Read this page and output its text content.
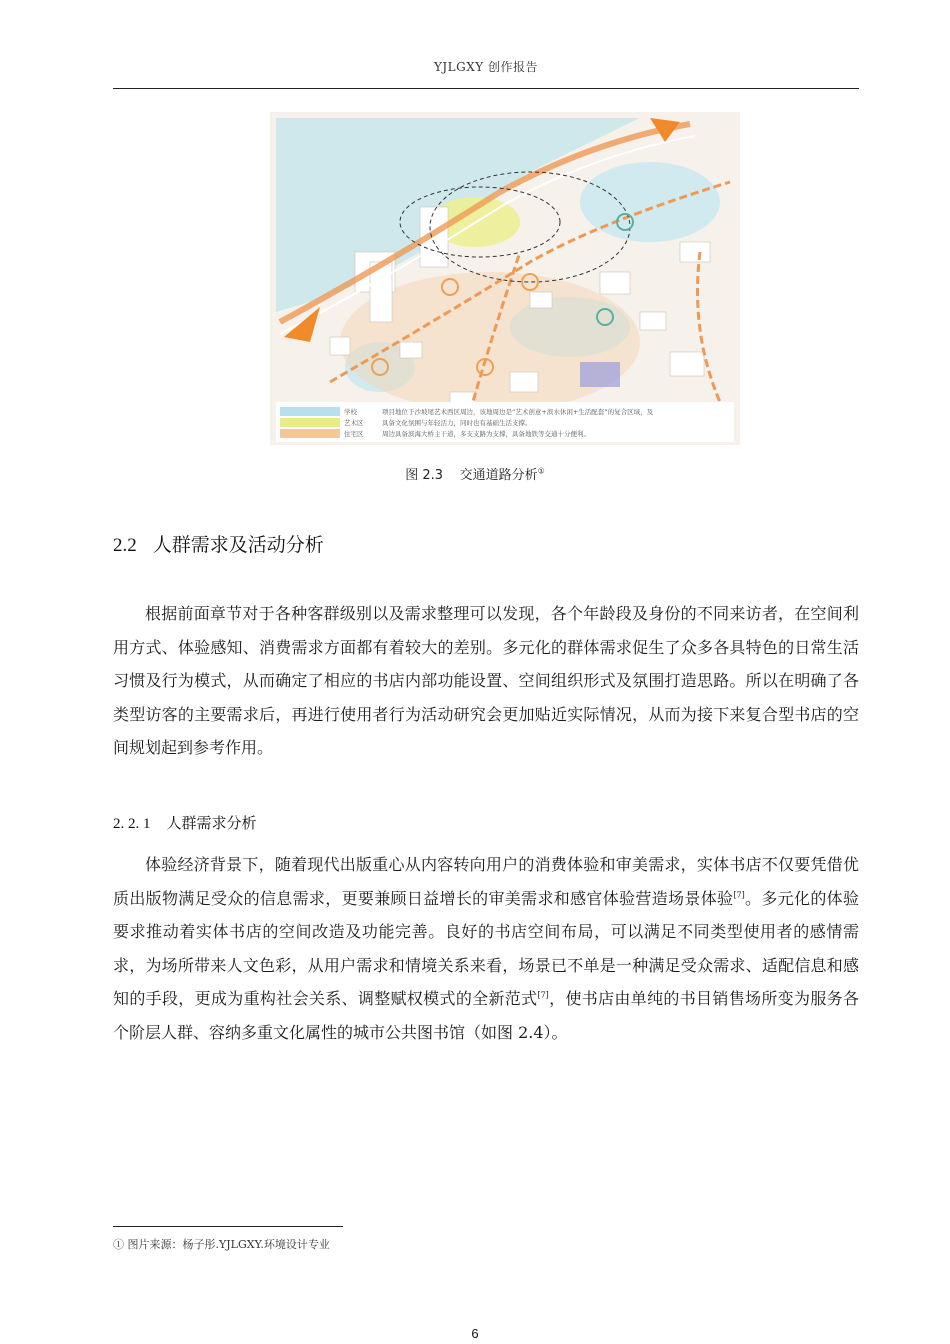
YJLGXY 创作报告
学校
艺术区
住宅区
项目地位于沙坡尾艺术西区周边，该地周边是“艺术创意+滨水休闲+生活配套”的复合区域，及
具备文化氛围与年轻活力，同时也有基础生活支撑。
周边具备滨海大桥主干道，多支支路为支撑，具备地铁等交通十分便利。
图 2.3 交通道路分析①
2.2 人群需求及活动分析
根据前面章节对于各种客群级别以及需求整理可以发现，各个年龄段及身份的不同来访者，在空间利用方式、体验感知、消费需求方面都有着较大的差别。多元化的群体需求促生了众多各具特色的日常生活习惯及行为模式，从而确定了相应的书店内部功能设置、空间组织形式及氛围打造思路。所以在明确了各类型访客的主要需求后，再进行使用者行为活动研究会更加贴近实际情况，从而为接下来复合型书店的空间规划起到参考作用。
2. 2. 1 人群需求分析
体验经济背景下，随着现代出版重心从内容转向用户的消费体验和审美需求，实体书店不仅要凭借优质出版物满足受众的信息需求，更要兼顾日益增长的审美需求和感官体验营造场景体验[7]。多元化的体验要求推动着实体书店的空间改造及功能完善。良好的书店空间布局，可以满足不同类型使用者的感情需求，为场所带来人文色彩，从用户需求和情境关系来看，场景已不单是一种满足受众需求、适配信息和感知的手段，更成为重构社会关系、调整赋权模式的全新范式[7]，使书店由单纯的书目销售场所变为服务各个阶层人群、容纳多重文化属性的城市公共图书馆（如图 2.4）。
① 图片来源：杨子彤.YJLGXY.环境设计专业
6
